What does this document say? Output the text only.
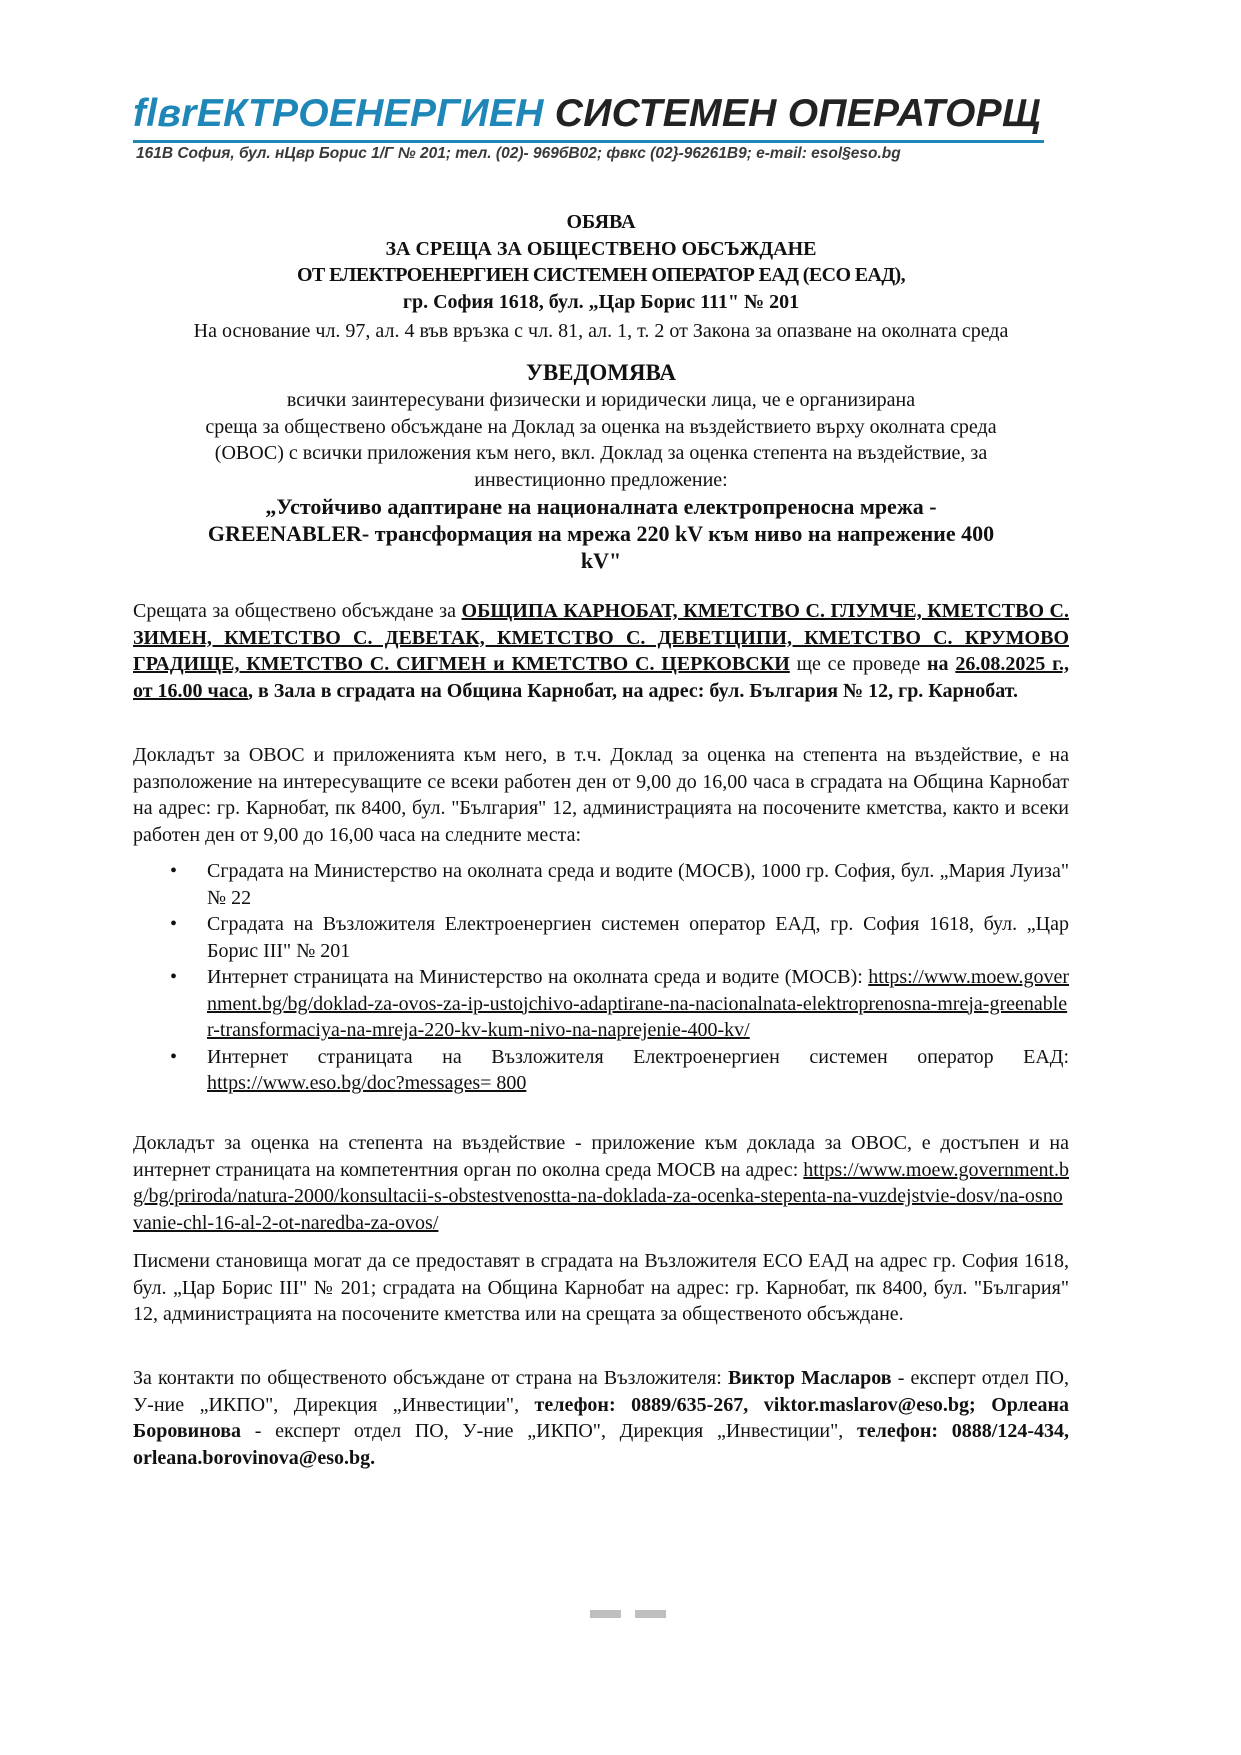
flвrЕКТРОЕНЕРГИЕН СИСТЕМЕН ОПЕРАТОРЩ
161В София, бул. нЦвр Борис 1/Г № 201; тел. (02)- 969бВ02; фвкс (02}-96261В9; e-mвil: esol§eso.bg

ОБЯВА

ЗА СРЕЩА ЗА ОБЩЕСТВЕНО ОБСЪЖДАНЕ

ОТ ЕЛЕКТРОЕНЕРГИЕН СИСТЕМЕН ОПЕРАТОР ЕАД (ЕСО ЕАД),

гр. София 1618, бул. „Цар Борис 111" № 201

На основание чл. 97, ал. 4 във връзка с чл. 81, ал. 1, т. 2 от Закона за опазване на околната среда
УВЕДОМЯВА

всички заинтересувани физически и юридически лица, че е организирана

среща за обществено обсъждане на Доклад за оценка на въздействието върху околната среда

(ОВОС) с всички приложения към него, вкл. Доклад за оценка степента на въздействие, за

инвестиционно предложение:

„Устойчиво адаптиране на националната електропреносна мрежа -

GREENABLER- трансформация на мрежа 220 kV към ниво на напрежение 400

kV"

Срещата за обществено обсъждане за ОБЩИПА КАРНОБАТ, КМЕТСТВО С. ГЛУМЧЕ, КМЕТСТВО С. ЗИМЕН, КМЕТСТВО С. ДЕВЕТАК, КМЕТСТВО С. ДЕВЕТЦИПИ, КМЕТСТВО С. КРУМОВО ГРАДИЩЕ, КМЕТСТВО С. СИГМЕН и КМЕТСТВО С. ЦЕРКОВСКИ ще се проведе на 26.08.2025 г., от 16.00 часа, в Зала в сградата на Община Карнобат, на адрес: бул. България № 12, гр. Карнобат.
Докладът за ОВОС и приложенията към него, в т.ч. Доклад за оценка на степента на въздействие, е на разположение на интересуващите се всеки работен ден от 9,00 до 16,00 часа в сградата на Община Карнобат на адрес: гр. Карнобат, пк 8400, бул. "България" 12, администрацията на посочените кметства, както и всеки работен ден от 9,00 до 16,00 часа на следните места:
• Сградата на Министерство на околната среда и водите (МОСВ), 1000 гр. София, бул. „Мария Луиза" № 22
• Сградата на Възложителя Електроенергиен системен оператор ЕАД, гр. София 1618, бул. „Цар Борис III" № 201
• Интернет страницата на Министерство на околната среда и водите (МОСВ): https://www.moew.government.bg/bg/doklad-za-ovos-za-ip-ustojchivo-adaptirane-na-nacionalnata-elektroprenosna-mreja-greenabler-transformaciya-na-mreja-220-kv-kum-nivo-na-naprejenie-400-kv/
• Интернет страницата на Възложителя Електроенергиен системен оператор ЕАД: https://www.eso.bg/doc?messages= 800
Докладът за оценка на степента на въздействие - приложение към доклада за ОВОС, е достъпен и на интернет страницата на компетентния орган по околна среда МОСВ на адрес: https://www.moew.government.bg/bg/priroda/natura-2000/konsultacii-s-obstestvenostta-na-doklada-za-ocenka-stepenta-na-vuzdejstvie-dosv/na-osnovanie-chl-16-al-2-ot-naredba-za-ovos/
Писмени становища могат да се предоставят в сградата на Възложителя ЕСО ЕАД на адрес гр. София 1618, бул. „Цар Борис III" № 201; сградата на Община Карнобат на адрес: гр. Карнобат, пк 8400, бул. "България" 12, администрацията на посочените кметства или на срещата за общественото обсъждане.
За контакти по общественото обсъждане от страна на Възложителя: Виктор Масларов - експерт отдел ПО, У-ние „ИКПО", Дирекция „Инвестиции", телефон: 0889/635-267, viktor.maslarov@eso.bg; Орлеана Боровинова - експерт отдел ПО, У-ние „ИКПО", Дирекция „Инвестиции", телефон: 0888/124-434, orleana.borovinova@eso.bg.
